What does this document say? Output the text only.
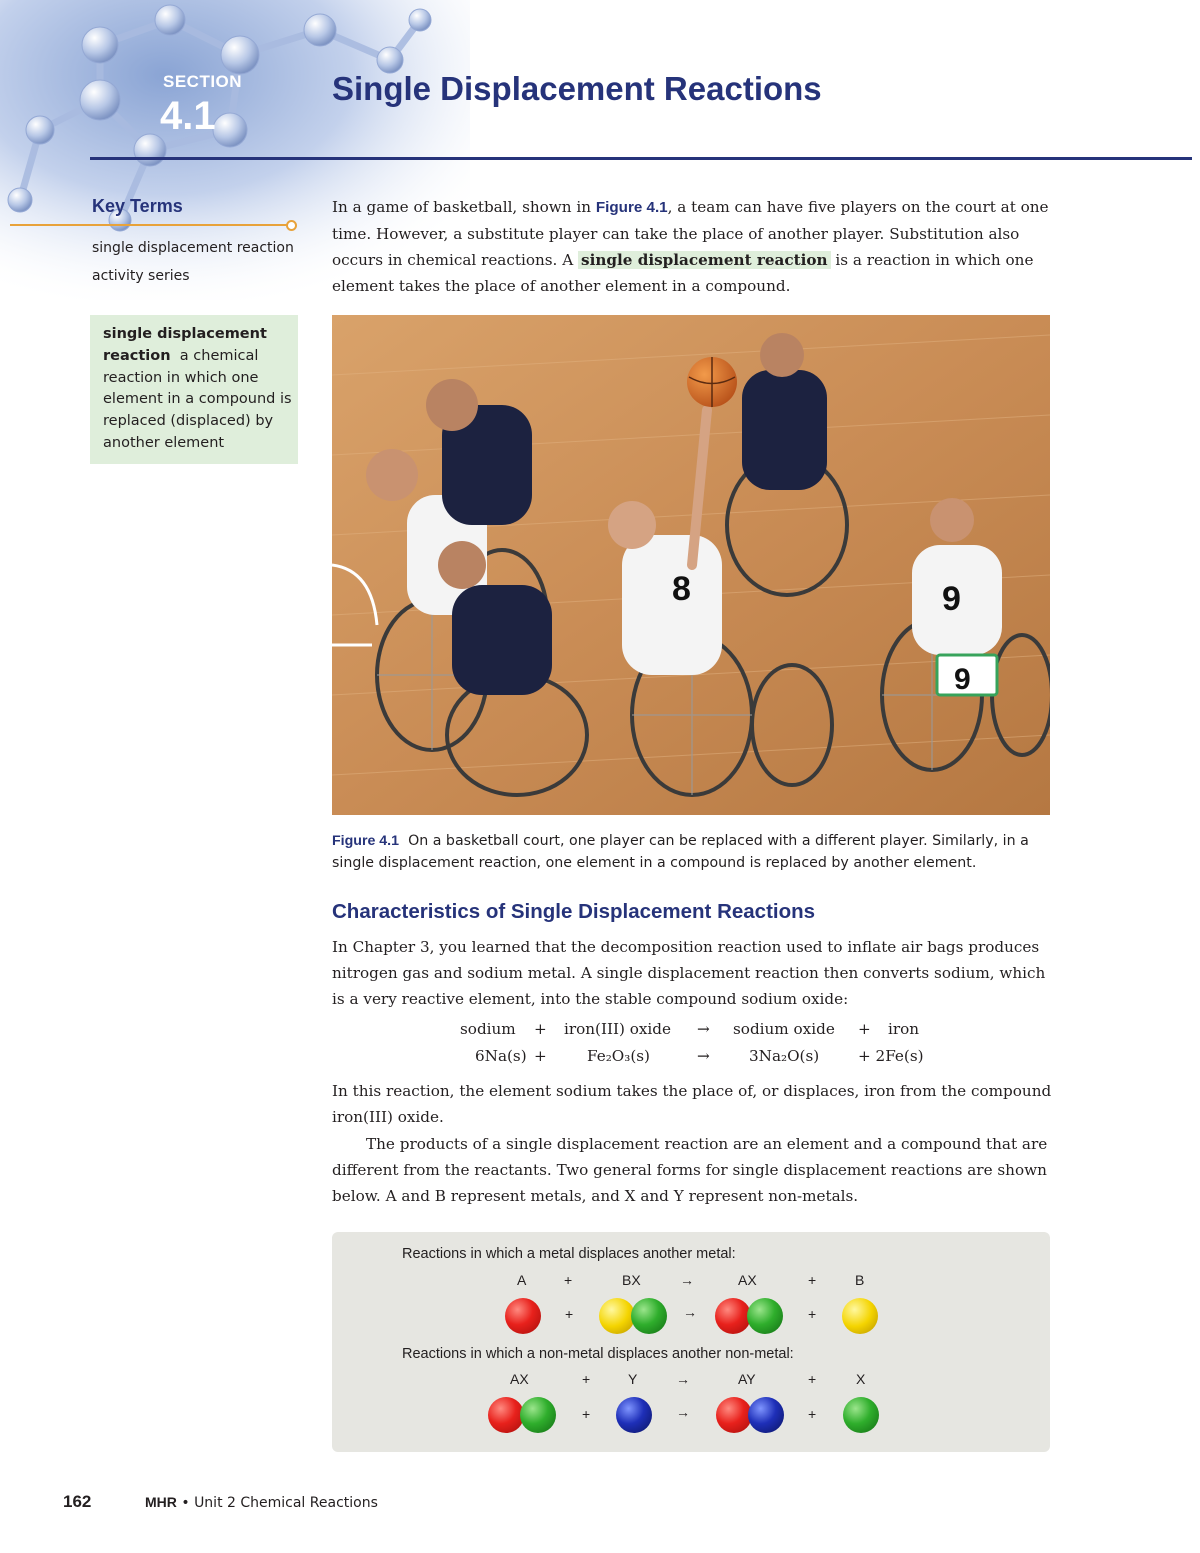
SECTION
4.1
Single Displacement Reactions
Key Terms
single displacement reaction
activity series
single displacement reaction a chemical reaction in which one element in a compound is replaced (displaced) by another element
In a game of basketball, shown in Figure 4.1, a team can have five players on the court at one time. However, a substitute player can take the place of another player. Substitution also occurs in chemical reactions. A single displacement reaction is a reaction in which one element takes the place of another element in a compound.
8	9
9
Figure 4.1 On a basketball court, one player can be replaced with a different player. Similarly, in a single displacement reaction, one element in a compound is replaced by another element.
Characteristics of Single Displacement Reactions
In Chapter 3, you learned that the decomposition reaction used to inflate air bags produces nitrogen gas and sodium metal. A single displacement reaction then converts sodium, which is a very reactive element, into the stable compound sodium oxide:
sodium + iron(III) oxide → sodium oxide + iron
6Na(s) +	Fe₂O₃(s)	→	3Na₂O(s)	+ 2Fe(s)
In this reaction, the element sodium takes the place of, or displaces, iron from the compound iron(III) oxide.
The products of a single displacement reaction are an element and a compound that are different from the reactants. Two general forms for single displacement reactions are shown below. A and B represent metals, and X and Y represent non-metals.
Reactions in which a metal displaces another metal:
A	+	BX	→	AX	+	B
+	→	+
Reactions in which a non-metal displaces another non-metal:
AX	+	Y	→	AY	+	X
+	→	+
162	MHR • Unit 2 Chemical Reactions
